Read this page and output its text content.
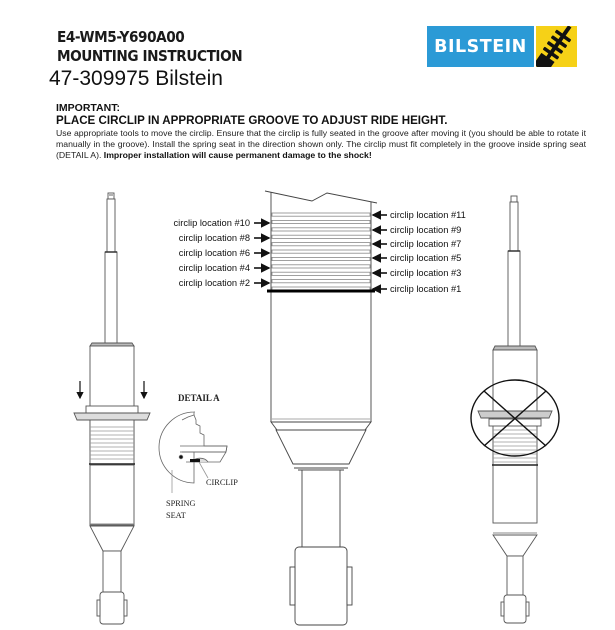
E4-WM5-Y690A00
MOUNTING INSTRUCTION
47-309975 Bilstein
BILSTEIN
IMPORTANT:
PLACE CIRCLIP IN APPROPRIATE GROOVE TO ADJUST RIDE HEIGHT.
Use appropriate tools to move the circlip. Ensure that the circlip is fully seated in the groove after moving it (you should be able to rotate it manually in the groove). Install the spring seat in the direction shown only. The circlip must fit completely in the groove inside spring seat (DETAIL A). Improper installation will cause permanent damage to the shock!
DETAIL A
CIRCLIP
SPRING
SEAT
circlip location #10
circlip location #8
circlip location #6
circlip location #4
circlip location #2
circlip location #11
circlip location #9
circlip location #7
circlip location #5
circlip location #3
circlip location #1
